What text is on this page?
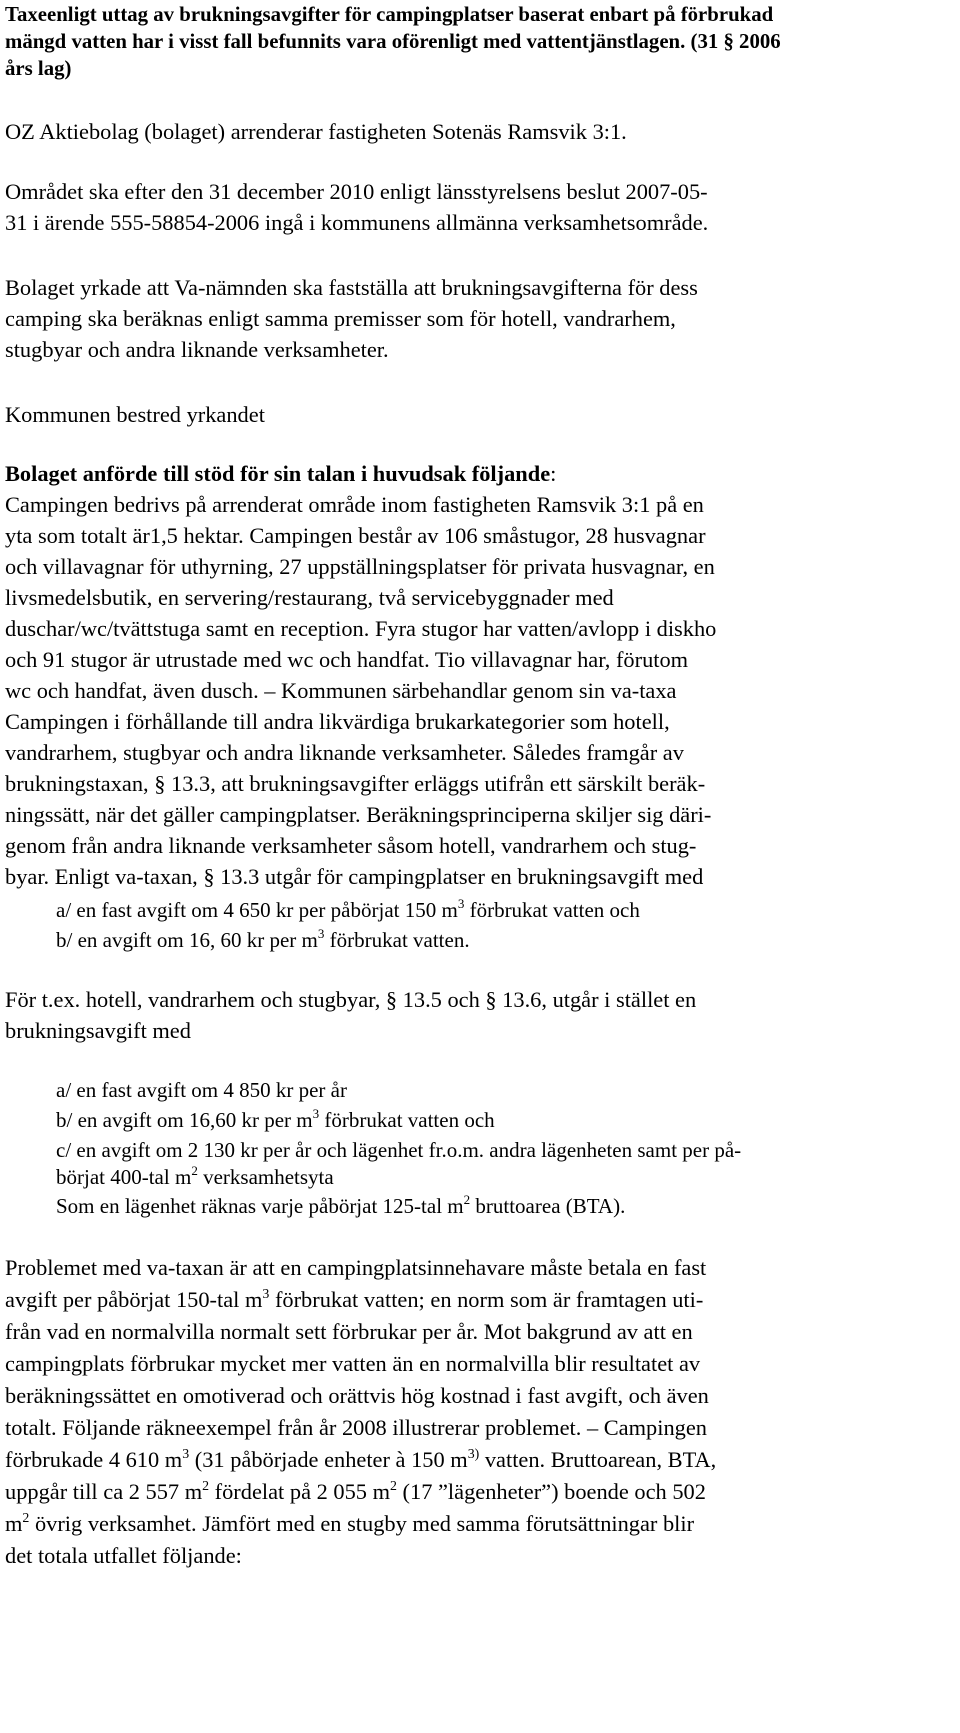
Taxeenligt uttag av brukningsavgifter för campingplatser baserat enbart på förbrukad
mängd vatten har i visst fall befunnits vara oförenligt med vattentjänstlagen. (31 § 2006
års lag)
OZ Aktiebolag (bolaget) arrenderar fastigheten Sotenäs Ramsvik 3:1.
Området ska efter den 31 december 2010 enligt länsstyrelsens beslut 2007-05-
31 i ärende 555-58854-2006 ingå i kommunens allmänna verksamhetsområde.
Bolaget yrkade att Va-nämnden ska fastställa att brukningsavgifterna för dess
camping ska beräknas enligt samma premisser som för hotell, vandrarhem,
stugbyar och andra liknande verksamheter.
Kommunen bestred yrkandet
Bolaget anförde till stöd för sin talan i huvudsak följande:
Campingen bedrivs på arrenderat område inom fastigheten Ramsvik 3:1 på en
yta som totalt är1,5 hektar. Campingen består av 106 småstugor, 28 husvagnar
och villavagnar för uthyrning, 27 uppställningsplatser för privata husvagnar, en
livsmedelsbutik, en servering/restaurang, två servicebyggnader med
duschar/wc/tvättstuga samt en reception. Fyra stugor har vatten/avlopp i diskho
och 91 stugor är utrustade med wc och handfat. Tio villavagnar har, förutom
wc och handfat, även dusch. – Kommunen särbehandlar genom sin va-taxa
Campingen i förhållande till andra likvärdiga brukarkategorier som hotell,
vandrarhem, stugbyar och andra liknande verksamheter. Således framgår av
brukningstaxan, § 13.3, att brukningsavgifter erläggs utifrån ett särskilt beräk-
ningssätt, när det gäller campingplatser. Beräkningsprinciperna skiljer sig däri-
genom från andra liknande verksamheter såsom hotell, vandrarhem och stug-
byar. Enligt va-taxan, § 13.3 utgår för campingplatser en brukningsavgift med
a/ en fast avgift om 4 650 kr per påbörjat 150 $m^3$ förbrukat vatten och
b/ en avgift om 16, 60 kr per $m^3$ förbrukat vatten.
För t.ex. hotell, vandrarhem och stugbyar, § 13.5 och § 13.6, utgår i stället en
brukningsavgift med
a/ en fast avgift om 4 850 kr per år
b/ en avgift om 16,60 kr per $m^3$ förbrukat vatten och
c/ en avgift om 2 130 kr per år och lägenhet fr.o.m. andra lägenheten samt per på-
börjat 400-tal $m^2$ verksamhetsyta
Som en lägenhet räknas varje påbörjat 125-tal $m^2$ bruttoarea (BTA).
Problemet med va-taxan är att en campingplatsinnehavare måste betala en fast
avgift per påbörjat 150-tal $m^3$ förbrukat vatten; en norm som är framtagen uti-
från vad en normalvilla normalt sett förbrukar per år. Mot bakgrund av att en
campingplats förbrukar mycket mer vatten än en normalvilla blir resultatet av
beräkningssättet en omotiverad och orättvis hög kostnad i fast avgift, och även
totalt. Följande räkneexempel från år 2008 illustrerar problemet. – Campingen
förbrukade 4 610 $m^3$ (31 påbörjade enheter à 150 $m^{3)}$ vatten. Bruttoarean, BTA,
uppgår till ca 2 557 $m^2$ fördelat på 2 055 $m^2$ (17 ”lägenheter”) boende och 502
$m^2$ övrig verksamhet. Jämfört med en stugby med samma förutsättningar blir
det totala utfallet följande:
